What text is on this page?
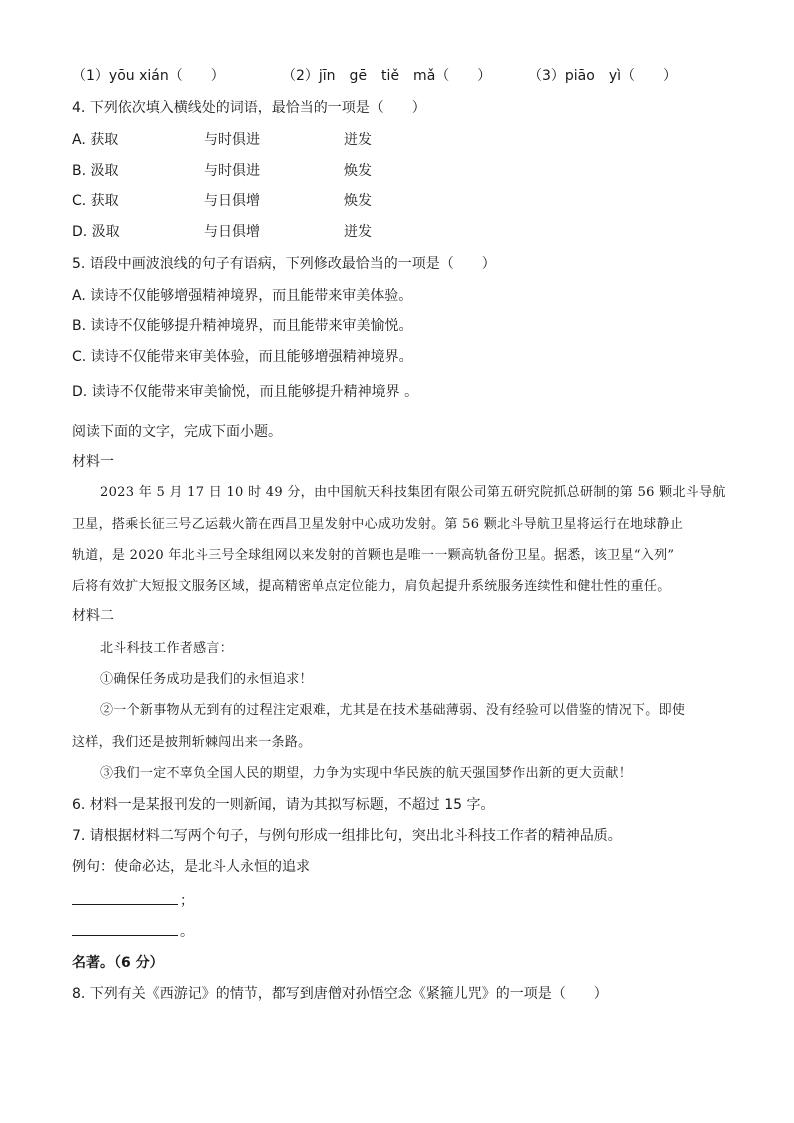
（1）yōu xián（　　）	（2）jīn　gē　tiě　mǎ（　　）	（3）piāo　yì（　　）
4. 下列依次填入横线处的词语，最恰当的一项是（　　）
A. 获取	与时俱进	迸发
B. 汲取	与时俱进	焕发
C. 获取	与日俱增	焕发
D. 汲取	与日俱增	迸发
5. 语段中画波浪线的句子有语病，下列修改最恰当的一项是（　　）
A. 读诗不仅能够增强精神境界，而且能带来审美体验。
B. 读诗不仅能够提升精神境界，而且能带来审美愉悦。
C. 读诗不仅能带来审美体验，而且能够增强精神境界。
D. 读诗不仅能带来审美愉悦，而且能够提升精神境界 。
阅读下面的文字，完成下面小题。
材料一
2023 年 5 月 17 日 10 时 49 分，由中国航天科技集团有限公司第五研究院抓总研制的第 56 颗北斗导航
卫星，搭乘长征三号乙运载火箭在西昌卫星发射中心成功发射。第 56 颗北斗导航卫星将运行在地球静止
轨道，是 2020 年北斗三号全球组网以来发射的首颗也是唯一一颗高轨备份卫星。据悉，该卫星“入列”
后将有效扩大短报文服务区域，提高精密单点定位能力，肩负起提升系统服务连续性和健壮性的重任。
材料二
北斗科技工作者感言：
①确保任务成功是我们的永恒追求！
②一个新事物从无到有的过程注定艰难，尤其是在技术基础薄弱、没有经验可以借鉴的情况下。即使
这样，我们还是披荆斩棘闯出来一条路。
③我们一定不辜负全国人民的期望，力争为实现中华民族的航天强国梦作出新的更大贡献！
6. 材料一是某报刊发的一则新闻，请为其拟写标题，不超过 15 字。
7. 请根据材料二写两个句子，与例句形成一组排比句，突出北斗科技工作者的精神品质。
例句：使命必达，是北斗人永恒的追求
；
。
名著。（6 分）
8. 下列有关《西游记》的情节，都写到唐僧对孙悟空念《紧箍儿咒》的一项是（　　）
